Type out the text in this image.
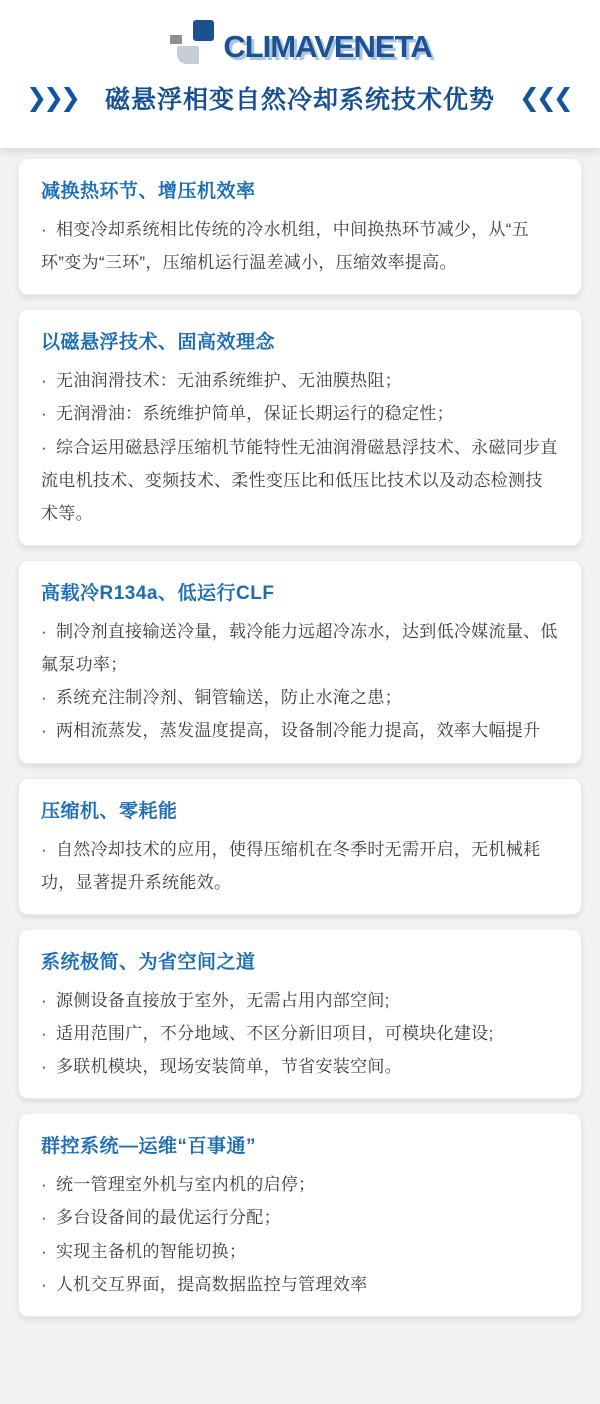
CLIMAVENETA
❯❯❯ 磁悬浮相变自然冷却系统技术优势 ❮❮❮
减换热环节、增压机效率

· 相变冷却系统相比传统的冷水机组，中间换热环节减少，从“五环”变为“三环”，压缩机运行温差减小，压缩效率提高。

以磁悬浮技术、固高效理念

· 无油润滑技术：无油系统维护、无油膜热阻；

· 无润滑油：系统维护简单，保证长期运行的稳定性；

· 综合运用磁悬浮压缩机节能特性无油润滑磁悬浮技术、永磁同步直流电机技术、变频技术、柔性变压比和低压比技术以及动态检测技术等。

高载冷R134a、低运行CLF

· 制冷剂直接输送冷量，载冷能力远超冷冻水，达到低冷媒流量、低氟泵功率；

· 系统充注制冷剂、铜管输送，防止水淹之患；

· 两相流蒸发，蒸发温度提高，设备制冷能力提高，效率大幅提升

压缩机、零耗能

· 自然冷却技术的应用，使得压缩机在冬季时无需开启，无机械耗功，显著提升系统能效。

系统极简、为省空间之道

· 源侧设备直接放于室外，无需占用内部空间;

· 适用范围广，不分地域、不区分新旧项目，可模块化建设;

· 多联机模块，现场安装简单，节省安装空间。

群控系统—运维“百事通”

· 统一管理室外机与室内机的启停；

· 多台设备间的最优运行分配；

· 实现主备机的智能切换；

· 人机交互界面，提高数据监控与管理效率
